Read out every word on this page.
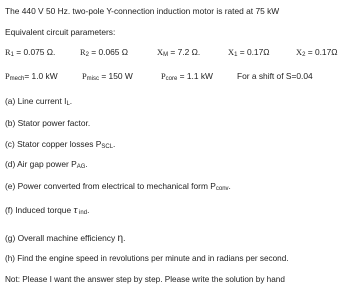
The 440 V 50 Hz. two-pole Y-connection induction motor is rated at 75 kW
Equivalent circuit parameters:
R1 = 0.075 Ω.	R2 = 0.065 Ω	XM = 7.2 Ω.	X1 = 0.17Ω	X2 = 0.17Ω
Pmech= 1.0 kW	Pmisc = 150 W	Pcore = 1.1 kW	For a shift of S=0.04
(a) Line current IL.
(b) Stator power factor.
(c) Stator copper losses PSCL.
(d) Air gap power PAG.
(e) Power converted from electrical to mechanical form Pconv.
(f) Induced torque τ ind.
(g) Overall machine efficiency η.
(h) Find the engine speed in revolutions per minute and in radians per second.
Not: Please I want the answer step by step. Please write the solution by hand
